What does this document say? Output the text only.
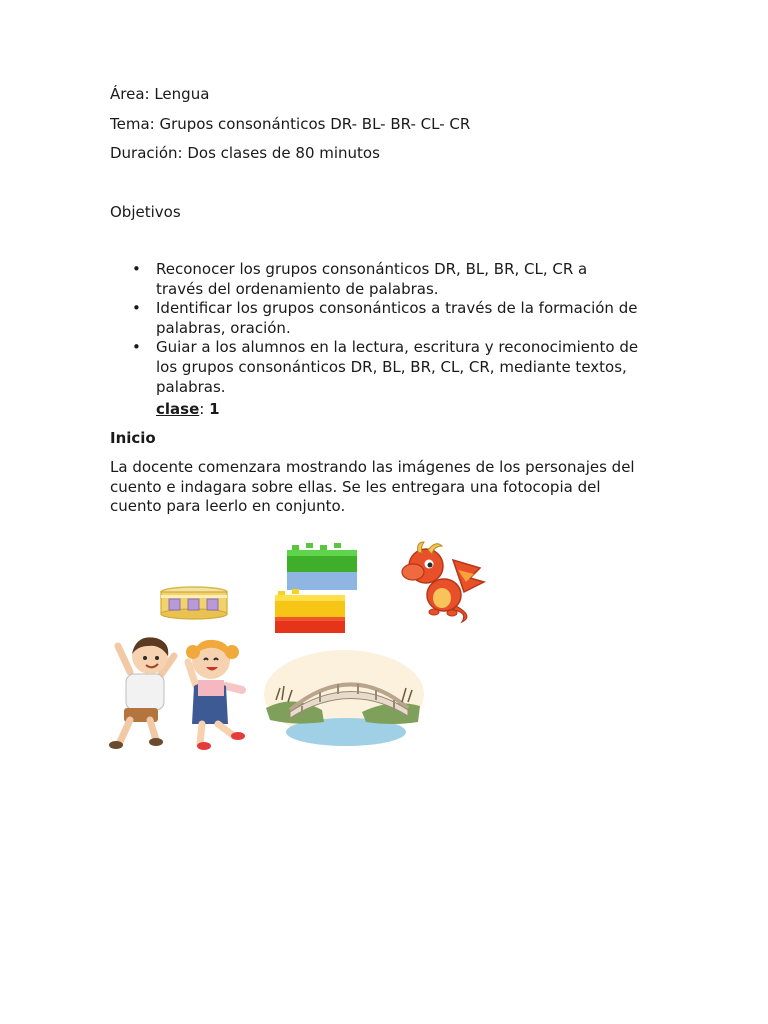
Área: Lengua

Tema: Grupos consonánticos DR- BL- BR- CL- CR

Duración: Dos clases de 80 minutos

Objetivos

• Reconocer los grupos consonánticos DR, BL, BR, CL, CR a
través del ordenamiento de palabras.
• Identificar los grupos consonánticos a través de la formación de
palabras, oración.
• Guiar a los alumnos en la lectura, escritura y reconocimiento de
los grupos consonánticos DR, BL, BR, CL, CR, mediante textos,
palabras.
clase: 1

Inicio

La docente comenzara mostrando las imágenes de los personajes del
cuento e indagara sobre ellas. Se les entregara una fotocopia del
cuento para leerlo en conjunto.
